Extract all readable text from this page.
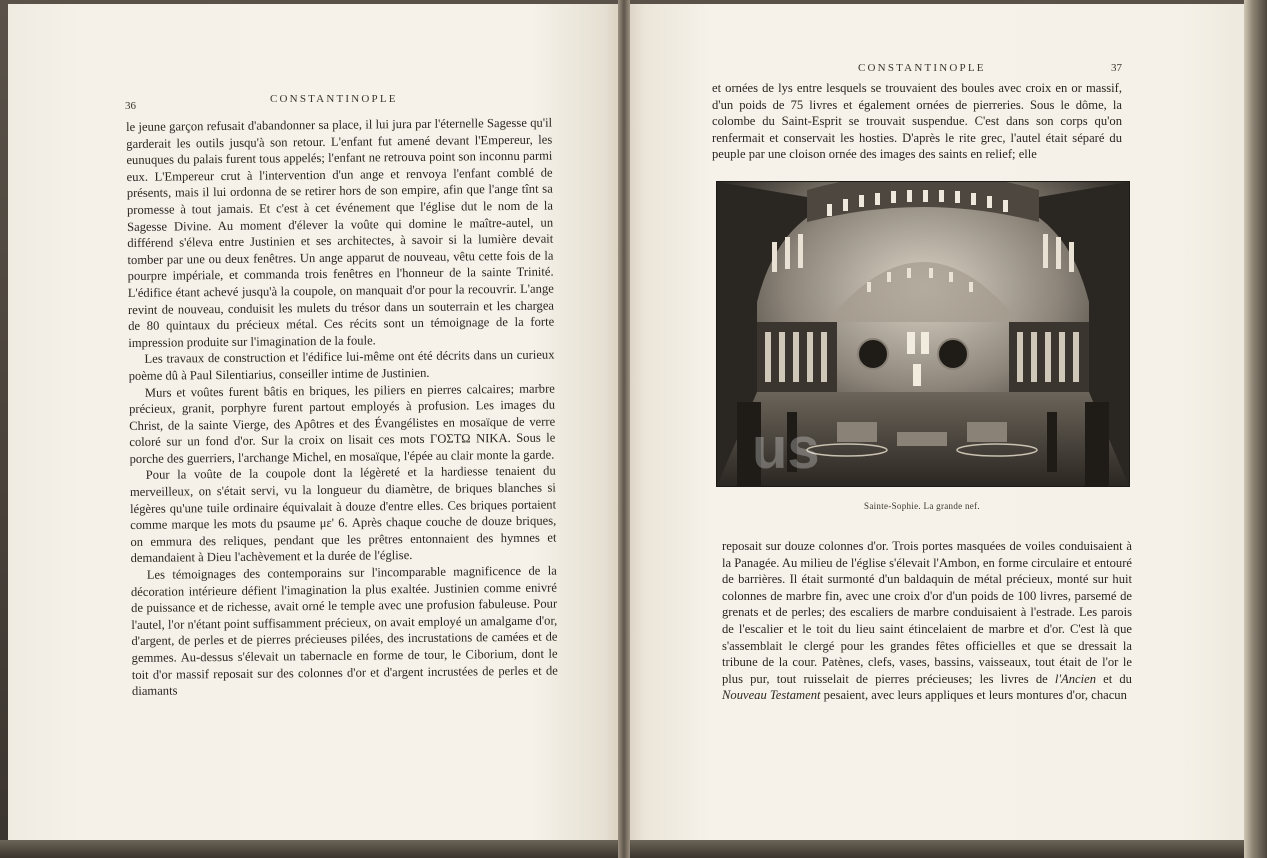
36
CONSTANTINOPLE

le jeune garçon refusait d'abandonner sa place, il lui jura par l'éternelle Sagesse qu'il garderait les outils jusqu'à son retour. L'enfant fut amené devant l'Empereur, les eunuques du palais furent tous appelés; l'enfant ne retrouva point son inconnu parmi eux. L'Empereur crut à l'intervention d'un ange et renvoya l'enfant comblé de présents, mais il lui ordonna de se retirer hors de son empire, afin que l'ange tînt sa promesse à tout jamais. Et c'est à cet événement que l'église dut le nom de la Sagesse Divine. Au moment d'élever la voûte qui domine le maître-autel, un différend s'éleva entre Justinien et ses architectes, à savoir si la lumière devait tomber par une ou deux fenêtres. Un ange apparut de nouveau, vêtu cette fois de la pourpre impériale, et commanda trois fenêtres en l'honneur de la sainte Trinité. L'édifice étant achevé jusqu'à la coupole, on manquait d'or pour la recouvrir. L'ange revint de nouveau, conduisit les mulets du trésor dans un souterrain et les chargea de 80 quintaux du précieux métal. Ces récits sont un témoignage de la forte impression produite sur l'imagination de la foule.

Les travaux de construction et l'édifice lui-même ont été décrits dans un curieux poème dû à Paul Silentiarius, conseiller intime de Justinien.

Murs et voûtes furent bâtis en briques, les piliers en pierres calcaires; marbre précieux, granit, porphyre furent partout employés à profusion. Les images du Christ, de la sainte Vierge, des Apôtres et des Évangélistes en mosaïque de verre coloré sur un fond d'or. Sur la croix on lisait ces mots ΓΟΣΤΩ ΝΙΚΑ. Sous le porche des guerriers, l'archange Michel, en mosaïque, l'épée au clair monte la garde.

Pour la voûte de la coupole dont la légèreté et la hardiesse tenaient du merveilleux, on s'était servi, vu la longueur du diamètre, de briques blanches si légères qu'une tuile ordinaire équivalait à douze d'entre elles. Ces briques portaient comme marque les mots du psaume με' 6. Après chaque couche de douze briques, on emmura des reliques, pendant que les prêtres entonnaient des hymnes et demandaient à Dieu l'achèvement et la durée de l'église.

Les témoignages des contemporains sur l'incomparable magnificence de la décoration intérieure défient l'imagination la plus exaltée. Justinien comme enivré de puissance et de richesse, avait orné le temple avec une profusion fabuleuse. Pour l'autel, l'or n'étant point suffisamment précieux, on avait employé un amalgame d'or, d'argent, de perles et de pierres précieuses pilées, des incrustations de camées et de gemmes. Au-dessus s'élevait un tabernacle en forme de tour, le Ciborium, dont le toit d'or massif reposait sur des colonnes d'or et d'argent incrustées de perles et de diamants

CONSTANTINOPLE	37

et ornées de lys entre lesquels se trouvaient des boules avec croix en or massif, d'un poids de 75 livres et également ornées de pierreries. Sous le dôme, la colombe du Saint-Esprit se trouvait suspendue. C'est dans son corps qu'on renfermait et conservait les hosties. D'après le rite grec, l'autel était séparé du peuple par une cloison ornée des images des saints en relief; elle

us
Sainte-Sophie. La grande nef.

reposait sur douze colonnes d'or. Trois portes masquées de voiles conduisaient à la Panagée. Au milieu de l'église s'élevait l'Ambon, en forme circulaire et entouré de barrières. Il était surmonté d'un baldaquin de métal précieux, monté sur huit colonnes de marbre fin, avec une croix d'or d'un poids de 100 livres, parsemé de grenats et de perles; des escaliers de marbre conduisaient à l'estrade. Les parois de l'escalier et le toit du lieu saint étincelaient de marbre et d'or. C'est là que s'assemblait le clergé pour les grandes fêtes officielles et que se dressait la tribune de la cour. Patènes, clefs, vases, bassins, vaisseaux, tout était de l'or le plus pur, tout ruisselait de pierres précieuses; les livres de l'Ancien et du Nouveau Testament pesaient, avec leurs appliques et leurs montures d'or, chacun
